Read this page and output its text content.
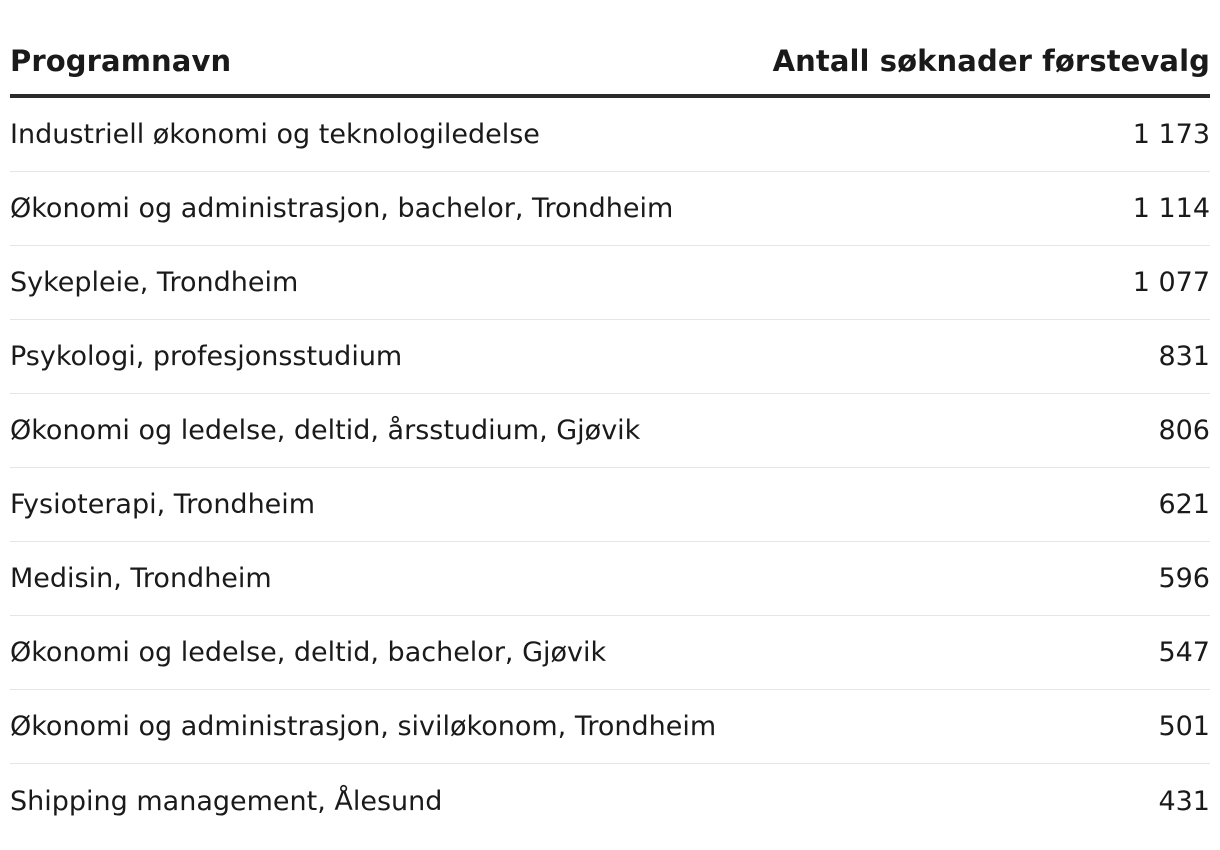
Programnavn	Antall søknader førstevalg
Industriell økonomi og teknologiledelse	1 173
Økonomi og administrasjon, bachelor, Trondheim	1 114
Sykepleie, Trondheim	1 077
Psykologi, profesjonsstudium	831
Økonomi og ledelse, deltid, årsstudium, Gjøvik	806
Fysioterapi, Trondheim	621
Medisin, Trondheim	596
Økonomi og ledelse, deltid, bachelor, Gjøvik	547
Økonomi og administrasjon, siviløkonom, Trondheim	501
Shipping management, Ålesund	431
